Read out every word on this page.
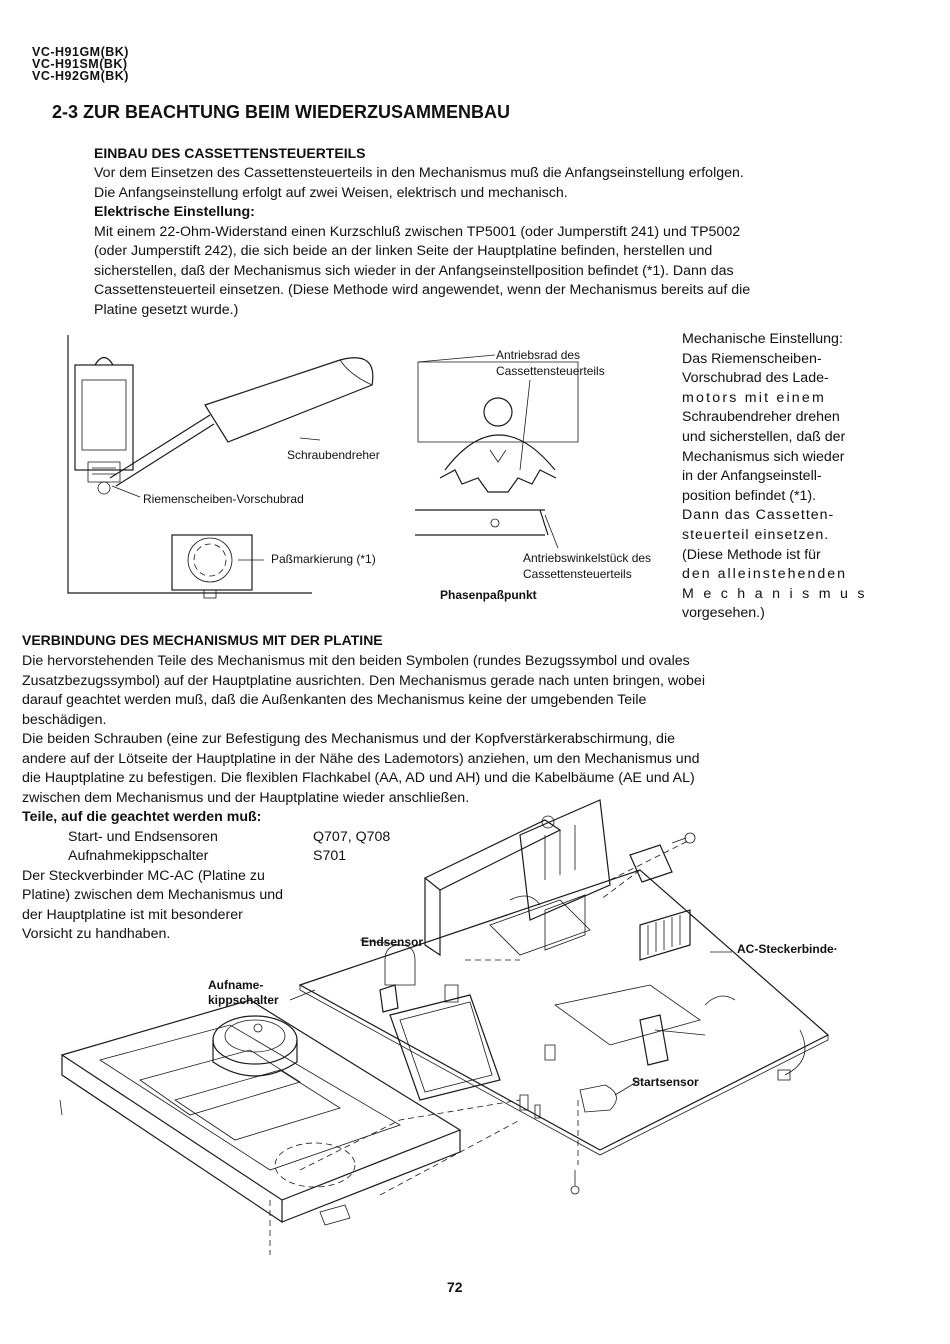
VC-H91GM(BK)
VC-H91SM(BK)
VC-H92GM(BK)
2-3 ZUR BEACHTUNG BEIM WIEDERZUSAMMENBAU
EINBAU DES CASSETTENSTEUERTEILS

Vor dem Einsetzen des Cassettensteuerteils in den Mechanismus muß die Anfangseinstellung erfolgen.

Die Anfangseinstellung erfolgt auf zwei Weisen, elektrisch und mechanisch.

Elektrische Einstellung:

Mit einem 22-Ohm-Widerstand einen Kurzschluß zwischen TP5001 (oder Jumperstift 241) und TP5002

(oder Jumperstift 242), die sich beide an der linken Seite der Hauptplatine befinden, herstellen und

sicherstellen, daß der Mechanismus sich wieder in der Anfangseinstellposition befindet (*1). Dann das

Cassettensteuerteil einsetzen. (Diese Methode wird angewendet, wenn der Mechanismus bereits auf die

Platine gesetzt wurde.)

Schraubendreher
Riemenscheiben-Vorschubrad
Paßmarkierung (*1)
Antriebsrad des
Cassettensteuerteils
Antriebswinkelstück des
Cassettensteuerteils
Phasenpaßpunkt
Mechanische Einstellung:
Das Riemenscheiben-
Vorschubrad des Lade-
motors mit einem
Schraubendreher drehen
und sicherstellen, daß der
Mechanismus sich wieder
in der Anfangseinstell-
position befindet (*1).
Dann das Cassetten-
steuerteil einsetzen.
(Diese Methode ist für
den alleinstehenden
Mechanismus
vorgesehen.)
VERBINDUNG DES MECHANISMUS MIT DER PLATINE

Die hervorstehenden Teile des Mechanismus mit den beiden Symbolen (rundes Bezugssymbol und ovales

Zusatzbezugssymbol) auf der Hauptplatine ausrichten. Den Mechanismus gerade nach unten bringen, wobei

darauf geachtet werden muß, daß die Außenkanten des Mechanismus keine der umgebenden Teile

beschädigen.

Die beiden Schrauben (eine zur Befestigung des Mechanismus und der Kopfverstärkerabschirmung, die

andere auf der Lötseite der Hauptplatine in der Nähe des Lademotors) anziehen, um den Mechanismus und

die Hauptplatine zu befestigen. Die flexiblen Flachkabel (AA, AD und AH) und die Kabelbäume (AE und AL)

zwischen dem Mechanismus und der Hauptplatine wieder anschließen.

Teile, auf die geachtet werden muß:
Start- und Endsensoren	Q707, Q708
Aufnahmekippschalter	S701
Der Steckverbinder MC-AC (Platine zu
Platine) zwischen dem Mechanismus und
der Hauptplatine ist mit besonderer
Vorsicht zu handhaben.	Endsensor
Aufname-
kippschalter
AC-Steckerbinde·
Startsensor
72
